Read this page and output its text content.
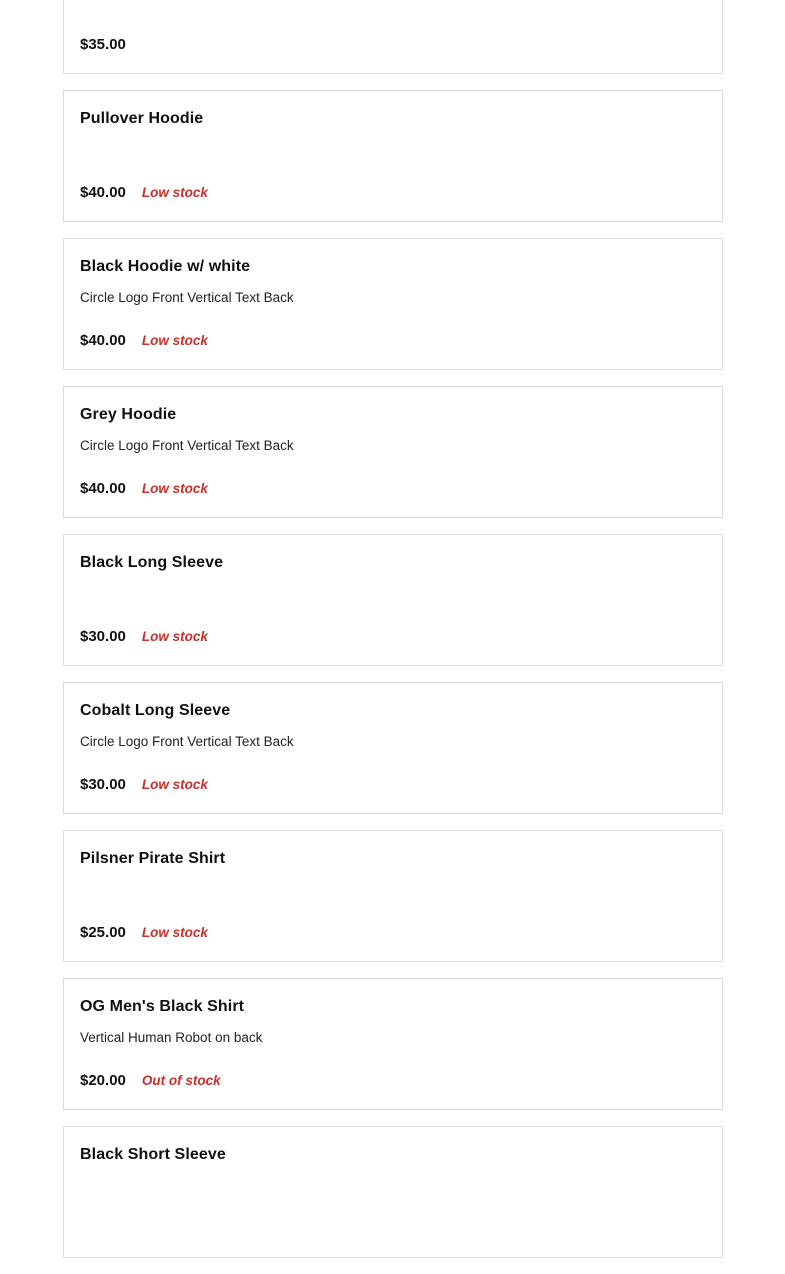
$35.00
Pullover Hoodie
$40.00 Low stock
Black Hoodie w/ white
Circle Logo Front Vertical Text Back
$40.00 Low stock
Grey Hoodie
Circle Logo Front Vertical Text Back
$40.00 Low stock
Black Long Sleeve
$30.00 Low stock
Cobalt Long Sleeve
Circle Logo Front Vertical Text Back
$30.00 Low stock
Pilsner Pirate Shirt
$25.00 Low stock
OG Men's Black Shirt
Vertical Human Robot on back
$20.00 Out of stock
Black Short Sleeve
